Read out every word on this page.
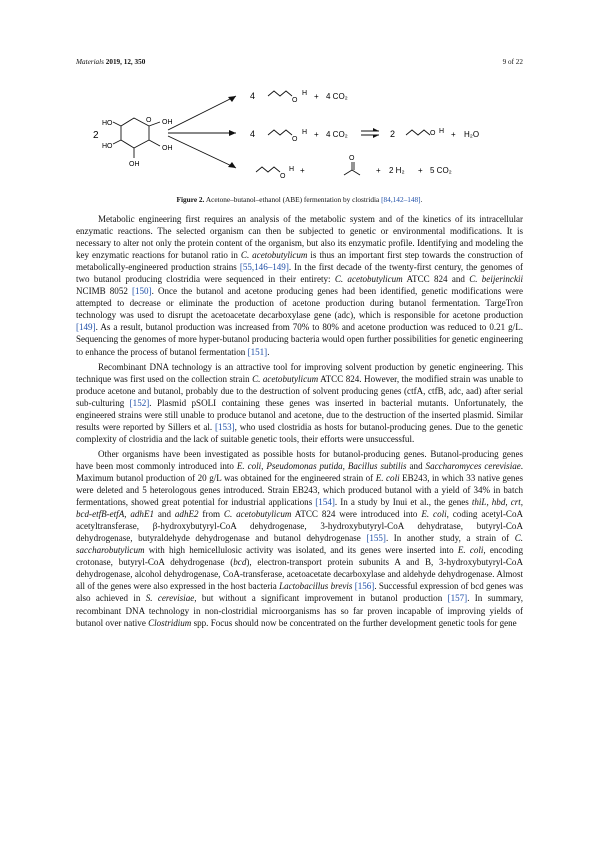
Materials 2019, 12, 350	9 of 22
2
HO	OH
HO	OH
OH
O
4	O
H + 4 CO₂
4
O
H + 4 CO₂	2	O H + H₂O
O
H +
O
+ 2 H₂ + 5 CO₂
Figure 2. Acetone–butanol–ethanol (ABE) fermentation by clostridia [84,142–148].

Metabolic engineering first requires an analysis of the metabolic system and of the kinetics of its intracellular enzymatic reactions. The selected organism can then be subjected to genetic or environmental modifications. It is necessary to alter not only the protein content of the organism, but also its enzymatic profile. Identifying and modeling the key enzymatic reactions for butanol ratio in C. acetobutylicum is thus an important first step towards the construction of metabolically-engineered production strains [55,146–149]. In the first decade of the twenty-first century, the genomes of two butanol producing clostridia were sequenced in their entirety: C. acetobutylicum ATCC 824 and C. beijerinckii NCIMB 8052 [150]. Once the butanol and acetone producing genes had been identified, genetic modifications were attempted to decrease or eliminate the production of acetone production during butanol fermentation. TargeTron technology was used to disrupt the acetoacetate decarboxylase gene (adc), which is responsible for acetone production [149]. As a result, butanol production was increased from 70% to 80% and acetone production was reduced to 0.21 g/L. Sequencing the genomes of more hyper-butanol producing bacteria would open further possibilities for genetic engineering to enhance the process of butanol fermentation [151].

Recombinant DNA technology is an attractive tool for improving solvent production by genetic engineering. This technique was first used on the collection strain C. acetobutylicum ATCC 824. However, the modified strain was unable to produce acetone and butanol, probably due to the destruction of solvent producing genes (ctfA, ctfB, adc, aad) after serial sub-culturing [152]. Plasmid pSOLI containing these genes was inserted in bacterial mutants. Unfortunately, the engineered strains were still unable to produce butanol and acetone, due to the destruction of the inserted plasmid. Similar results were reported by Sillers et al. [153], who used clostridia as hosts for butanol-producing genes. Due to the genetic complexity of clostridia and the lack of suitable genetic tools, their efforts were unsuccessful.

Other organisms have been investigated as possible hosts for butanol-producing genes. Butanol-producing genes have been most commonly introduced into E. coli, Pseudomonas putida, Bacillus subtilis and Saccharomyces cerevisiae. Maximum butanol production of 20 g/L was obtained for the engineered strain of E. coli EB243, in which 33 native genes were deleted and 5 heterologous genes introduced. Strain EB243, which produced butanol with a yield of 34% in batch fermentations, showed great potential for industrial applications [154]. In a study by Inui et al., the genes thiL, hbd, crt, bcd-etfB-etfA, adhE1 and adhE2 from C. acetobutylicum ATCC 824 were introduced into E. coli, coding acetyl-CoA acetyltransferase, β-hydroxybutyryl-CoA dehydrogenase, 3-hydroxybutyryl-CoA dehydratase, butyryl-CoA dehydrogenase, butyraldehyde dehydrogenase and butanol dehydrogenase [155]. In another study, a strain of C. saccharobutylicum with high hemicellulosic activity was isolated, and its genes were inserted into E. coli, encoding crotonase, butyryl-CoA dehydrogenase (bcd), electron-transport protein subunits A and B, 3-hydroxybutyryl-CoA dehydrogenase, alcohol dehydrogenase, CoA-transferase, acetoacetate decarboxylase and aldehyde dehydrogenase. Almost all of the genes were also expressed in the host bacteria Lactobacillus brevis [156]. Successful expression of bcd genes was also achieved in S. cerevisiae, but without a significant improvement in butanol production [157]. In summary, recombinant DNA technology in non-clostridial microorganisms has so far proven incapable of improving yields of butanol over native Clostridium spp. Focus should now be concentrated on the further development genetic tools for gene
